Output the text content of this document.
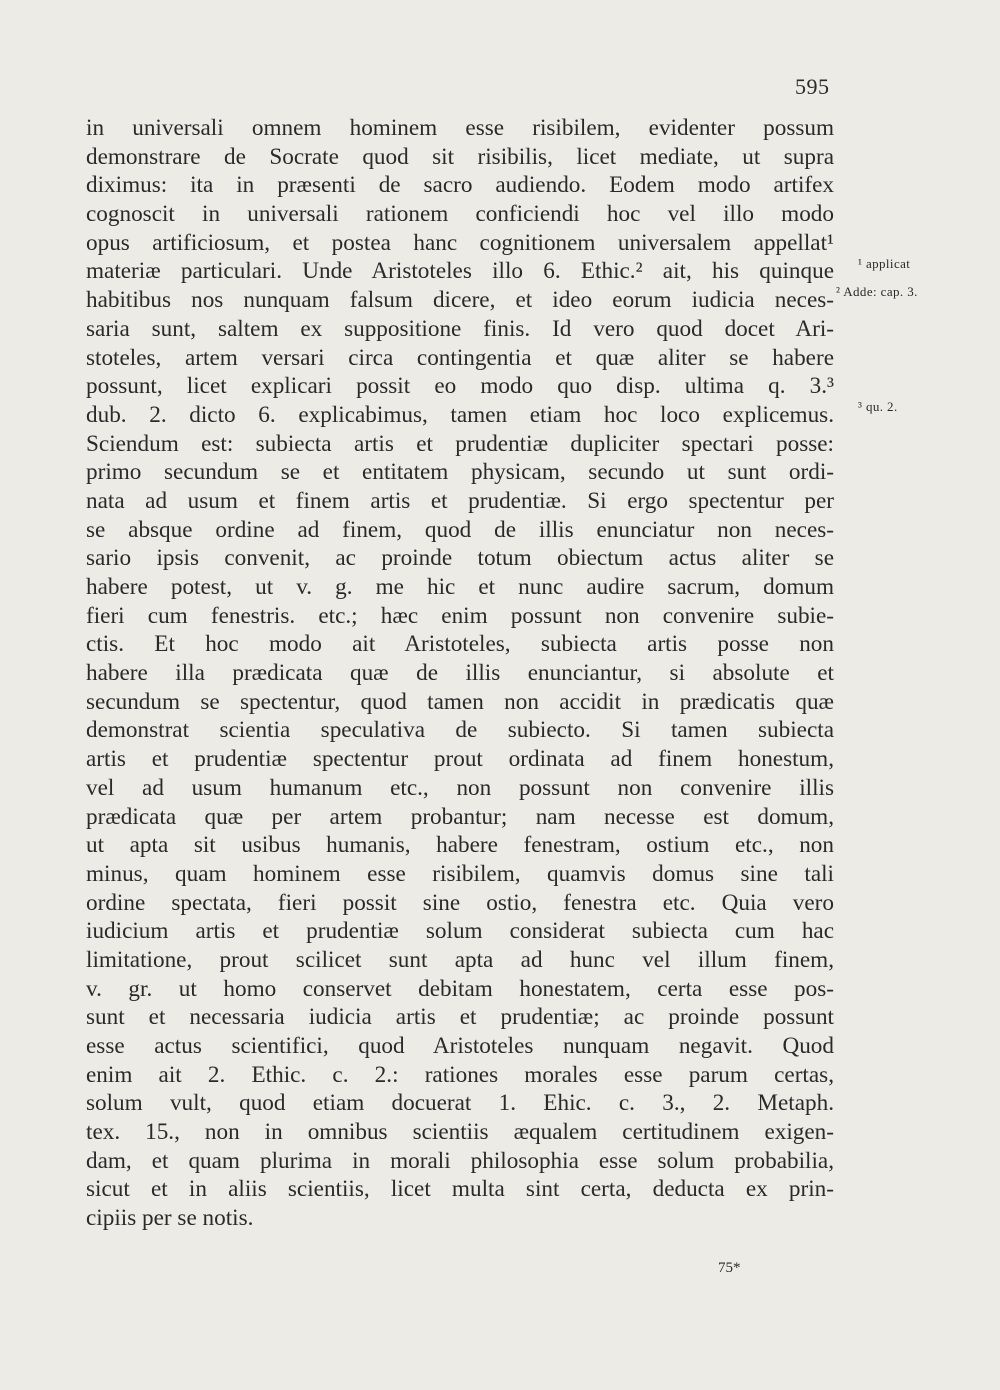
595
in universali omnem hominem esse risibilem, evidenter possum
demonstrare de Socrate quod sit risibilis, licet mediate, ut supra
diximus: ita in præsenti de sacro audiendo. Eodem modo artifex
cognoscit in universali rationem conficiendi hoc vel illo modo
opus artificiosum, et postea hanc cognitionem universalem appellat¹
materiæ particulari. Unde Aristoteles illo 6. Ethic.² ait, his quinque
habitibus nos nunquam falsum dicere, et ideo eorum iudicia neces-
saria sunt, saltem ex suppositione finis. Id vero quod docet Ari-
stoteles, artem versari circa contingentia et quæ aliter se habere
possunt, licet explicari possit eo modo quo disp. ultima q. 3.³
dub. 2. dicto 6. explicabimus, tamen etiam hoc loco explicemus.
Sciendum est: subiecta artis et prudentiæ dupliciter spectari posse:
primo secundum se et entitatem physicam, secundo ut sunt ordi-
nata ad usum et finem artis et prudentiæ. Si ergo spectentur per
se absque ordine ad finem, quod de illis enunciatur non neces-
sario ipsis convenit, ac proinde totum obiectum actus aliter se
habere potest, ut v. g. me hic et nunc audire sacrum, domum
fieri cum fenestris. etc.; hæc enim possunt non convenire subie-
ctis. Et hoc modo ait Aristoteles, subiecta artis posse non
habere illa prædicata quæ de illis enunciantur, si absolute et
secundum se spectentur, quod tamen non accidit in prædicatis quæ
demonstrat scientia speculativa de subiecto. Si tamen subiecta
artis et prudentiæ spectentur prout ordinata ad finem honestum,
vel ad usum humanum etc., non possunt non convenire illis
prædicata quæ per artem probantur; nam necesse est domum,
ut apta sit usibus humanis, habere fenestram, ostium etc., non
minus, quam hominem esse risibilem, quamvis domus sine tali
ordine spectata, fieri possit sine ostio, fenestra etc. Quia vero
iudicium artis et prudentiæ solum considerat subiecta cum hac
limitatione, prout scilicet sunt apta ad hunc vel illum finem,
v. gr. ut homo conservet debitam honestatem, certa esse pos-
sunt et necessaria iudicia artis et prudentiæ; ac proinde possunt
esse actus scientifici, quod Aristoteles nunquam negavit. Quod
enim ait 2. Ethic. c. 2.: rationes morales esse parum certas,
solum vult, quod etiam docuerat 1. Ehic. c. 3., 2. Metaph.
tex. 15., non in omnibus scientiis æqualem certitudinem exigen-
dam, et quam plurima in morali philosophia esse solum probabilia,
sicut et in aliis scientiis, licet multa sint certa, deducta ex prin-
cipiis per se notis.
¹ applicat
² Adde: cap. 3.
³ qu. 2.
75*
